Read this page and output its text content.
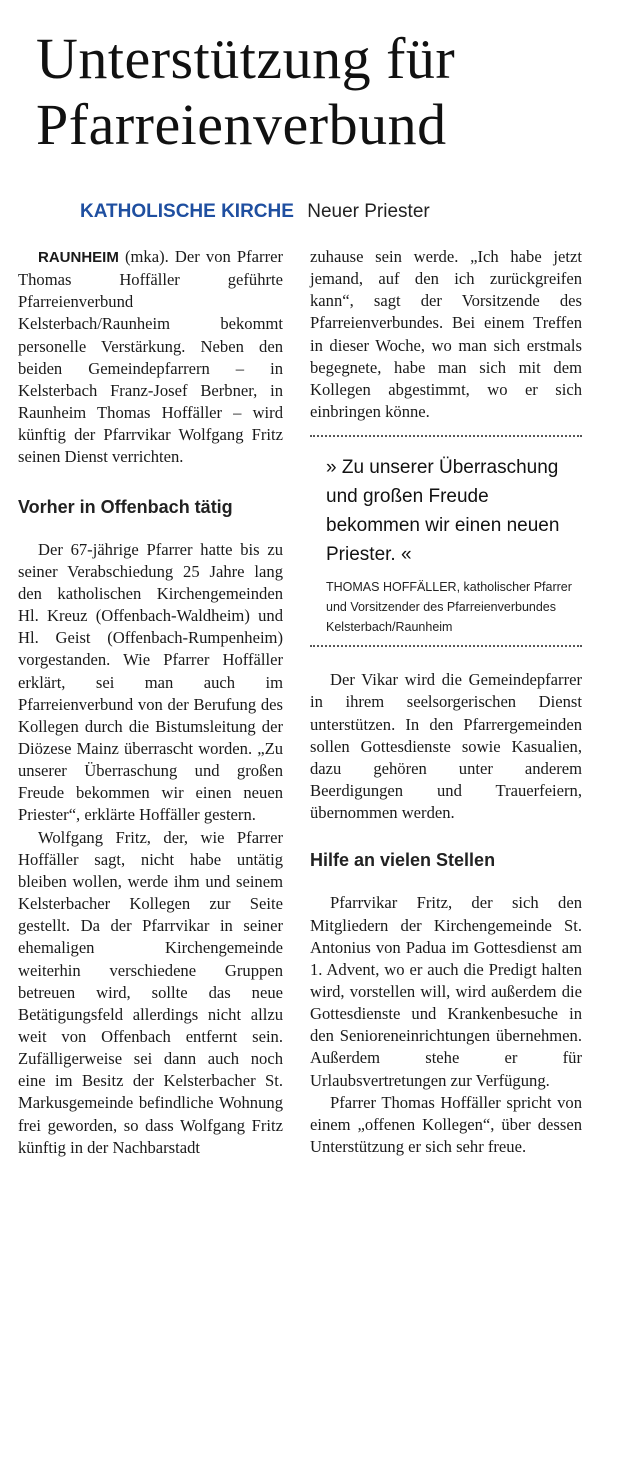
Unterstützung für
Pfarreienverbund
KATHOLISCHE KIRCHE Neuer Priester

RAUNHEIM (mka). Der von Pfarrer Thomas Hoffäller geführte Pfarreienverbund Kelsterbach/Raunheim bekommt personelle Verstärkung. Neben den beiden Gemeindepfarrern – in Kelsterbach Franz-Josef Berbner, in Raunheim Thomas Hoffäller – wird künftig der Pfarrvikar Wolfgang Fritz seinen Dienst verrichten.

Vorher in Offenbach tätig

Der 67-jährige Pfarrer hatte bis zu seiner Verabschiedung 25 Jahre lang den katholischen Kirchengemeinden Hl. Kreuz (Offenbach-Waldheim) und Hl. Geist (Offenbach-Rumpenheim) vorgestanden. Wie Pfarrer Hoffäller erklärt, sei man auch im Pfarreienverbund von der Berufung des Kollegen durch die Bistumsleitung der Diözese Mainz überrascht worden. „Zu unserer Überraschung und großen Freude bekommen wir einen neuen Priester“, erklärte Hoffäller gestern.

Wolfgang Fritz, der, wie Pfarrer Hoffäller sagt, nicht habe untätig bleiben wollen, werde ihm und seinem Kelsterbacher Kollegen zur Seite gestellt. Da der Pfarrvikar in seiner ehemaligen Kirchengemeinde weiterhin verschiedene Gruppen betreuen wird, sollte das neue Betätigungsfeld allerdings nicht allzu weit von Offenbach entfernt sein. Zufälligerweise sei dann auch noch eine im Besitz der Kelsterbacher St. Markusgemeinde befindliche Wohnung frei geworden, so dass Wolfgang Fritz künftig in der Nachbarstadt

zuhause sein werde. „Ich habe jetzt jemand, auf den ich zurückgreifen kann“, sagt der Vorsitzende des Pfarreienverbundes. Bei einem Treffen in dieser Woche, wo man sich erstmals begegnete, habe man sich mit dem Kollegen abgestimmt, wo er sich einbringen könne.

» Zu unserer Überraschung und großen Freude bekommen wir einen neuen Priester. «

THOMAS HOFFÄLLER, katholischer Pfarrer und Vorsitzender des Pfarreienverbundes Kelsterbach/Raunheim

Der Vikar wird die Gemeindepfarrer in ihrem seelsorgerischen Dienst unterstützen. In den Pfarrergemeinden sollen Gottesdienste sowie Kasualien, dazu gehören unter anderem Beerdigungen und Trauerfeiern, übernommen werden.

Hilfe an vielen Stellen

Pfarrvikar Fritz, der sich den Mitgliedern der Kirchengemeinde St. Antonius von Padua im Gottesdienst am 1. Advent, wo er auch die Predigt halten wird, vorstellen will, wird außerdem die Gottesdienste und Krankenbesuche in den Senioreneinrichtungen übernehmen. Außerdem stehe er für Urlaubsvertretungen zur Verfügung.

Pfarrer Thomas Hoffäller spricht von einem „offenen Kollegen“, über dessen Unterstützung er sich sehr freue.
